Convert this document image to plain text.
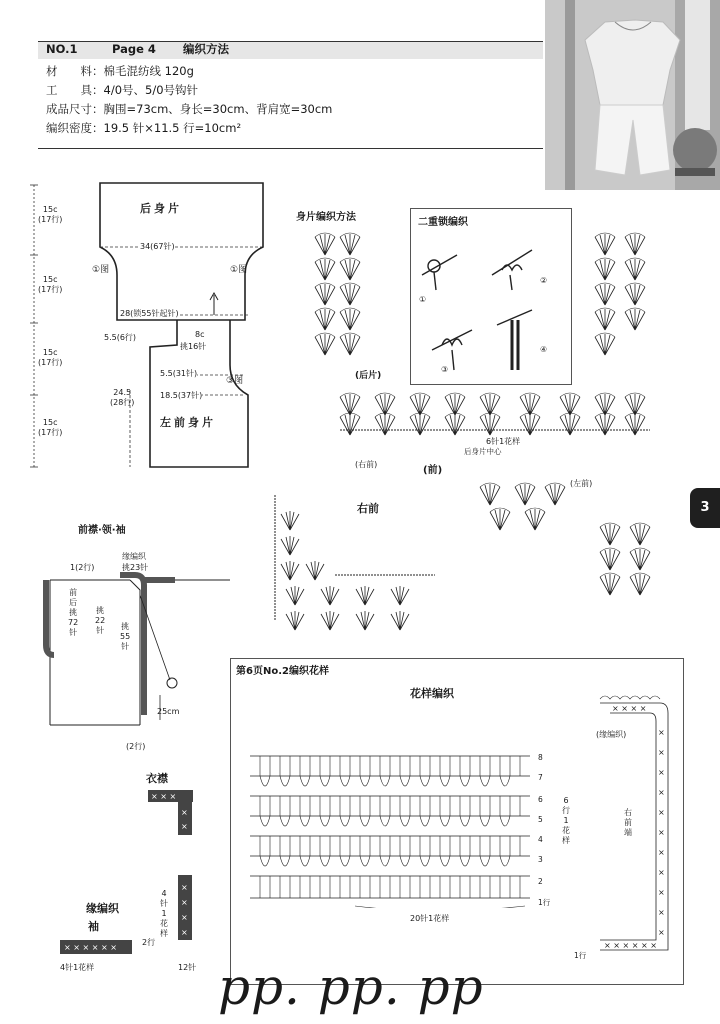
NO.1	Page 4 编织方法
材　　料：棉毛混纺线 120g
工　　具：4/0号、5/0号钩针
成品尺寸：胸围=73cm、身长=30cm、背肩宽=30cm
编织密度：19.5 针×11.5 行=10cm²
3
后身片
左前身片
15c
(17行)
15c
(17行)
15c
(17行)
15c
(17行)
34(67针)
①图	①图
28(锁55针起针)
5.5(6行)	8c
挑16针
5.5(31针)
③图
18.5(37针)
24.5
(28行)
身片编织方法	二重锁编织
①
②
③
④
(后片)
6针1花样
后身片中心
(右前)
(前)
(左前)
右前
前襟·领·袖
1(2行)
缘编织
挑23针
前
后
挑
72
针
挑
22
针 挑
55
针
25cm
(2行)
衣襟
× × ×
×
×
×
×
×
×
4
针
1
花
样
缘编织
袖
× × × × × ×
2行
4针1花样	12针
第6页No.2编织花样
花样编织
8
7
6
5
4
3
2
1行
6
行
1
花
样
20针1花样
× × × ×
×
×
×
×
×
×
×
×
×
×
×
× × × × × ×
(缘编织)
右
前
端
1行
pp. pp. pp
